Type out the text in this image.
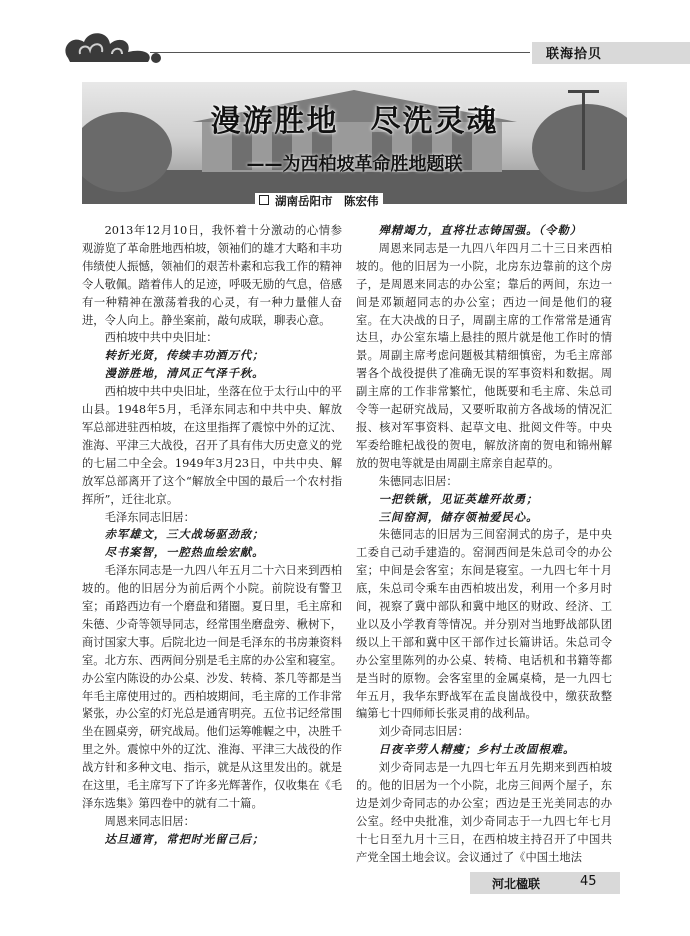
联海拾贝
漫游胜地　尽洗灵魂
——为西柏坡革命胜地题联
湖南岳阳市　陈宏伟

2013年12月10日，我怀着十分激动的心情参观游览了革命胜地西柏坡，领袖们的雄才大略和丰功伟绩使人振憾，领袖们的艰苦朴素和忘我工作的精神令人敬佩。踏着伟人的足迹，呼吸无励的气息，倍感有一种精神在激荡着我的心灵，有一种力量催人奋进，令人向上。静坐案前，敲句成联，聊表心意。

西柏坡中共中央旧址：

转折光贤，传续丰功酒万代；

漫游胜地，清风正气泽千秋。

西柏坡中共中央旧址，坐落在位于太行山中的平山县。1948年5月，毛泽东同志和中共中央、解放军总部进驻西柏坡，在这里指挥了震惊中外的辽沈、淮海、平津三大战役，召开了具有伟大历史意义的党的七届二中全会。1949年3月23日，中共中央、解放军总部离开了这个“解放全中国的最后一个农村指挥所”，迁往北京。

毛泽东同志旧居：

赤军雄文，三大战场驱劲敌；

尽书案智，一腔热血绘宏献。

毛泽东同志是一九四八年五月二十六日来到西柏坡的。他的旧居分为前后两个小院。前院设有警卫室；甬路西边有一个磨盘和猪圈。夏日里，毛主席和朱德、少奇等领导同志，经常围坐磨盘旁、楸树下，商讨国家大事。后院北边一间是毛泽东的书房兼资料室。北方东、西两间分别是毛主席的办公室和寝室。办公室内陈设的办公桌、沙发、转椅、茶几等都是当年毛主席使用过的。西柏坡期间，毛主席的工作非常紧张，办公室的灯光总是通宵明亮。五位书记经常围坐在圆桌旁，研究战局。他们运筹帷幄之中，决胜千里之外。震惊中外的辽沈、淮海、平津三大战役的作战方针和多种文电、指示，就是从这里发出的。就是在这里，毛主席写下了许多光辉著作，仅收集在《毛泽东选集》第四卷中的就有二十篇。

周恩来同志旧居：

达旦通宵，常把时光留己后；

殚精竭力，直将壮志铸国强。（令勒）

周恩来同志是一九四八年四月二十三日来西柏坡的。他的旧居为一小院，北房东边靠前的这个房子，是周恩来同志的办公室；靠后的两间，东边一间是邓颖超同志的办公室；西边一间是他们的寝室。在大决战的日子，周副主席的工作常常是通宵达旦，办公室东墙上悬挂的照片就是他工作时的情景。周副主席考虑问题极其精细慎密，为毛主席部署各个战役提供了准确无误的军事资料和数据。周副主席的工作非常繁忙，他既要和毛主席、朱总司令等一起研究战局，又要听取前方各战场的情况汇报、核对军事资料、起草文电、批阅文件等。中央军委给睢杞战役的贺电，解放济南的贺电和锦州解放的贺电等就是由周副主席亲自起草的。

朱德同志旧居：

一把铁锹，见证英雄歼故勇；

三间窑洞，储存领袖爱民心。

朱德同志的旧居为三间窑洞式的房子，是中央工委自己动手建造的。窑洞西间是朱总司令的办公室；中间是会客室；东间是寝室。一九四七年十月底，朱总司令乘车由西柏坡出发，利用一个多月时间，视察了冀中部队和冀中地区的财政、经济、工业以及小学教育等情况。并分别对当地野战部队团级以上干部和冀中区干部作过长篇讲话。朱总司令办公室里陈列的办公桌、转椅、电话机和书籍等都是当时的原物。会客室里的金属桌椅，是一九四七年五月，我华东野战军在孟良崮战役中，缴获敌整编第七十四师师长张灵甫的战利品。

刘少奇同志旧居：

日夜辛劳人精瘦；乡村土改固根难。

刘少奇同志是一九四七年五月先期来到西柏坡的。他的旧居为一个小院，北房三间两个屋子，东边是刘少奇同志的办公室；西边是王光美同志的办公室。经中央批准，刘少奇同志于一九四七年七月十七日至九月十三日，在西柏坡主持召开了中国共产党全国土地会议。会议通过了《中国土地法

河北楹联	45
